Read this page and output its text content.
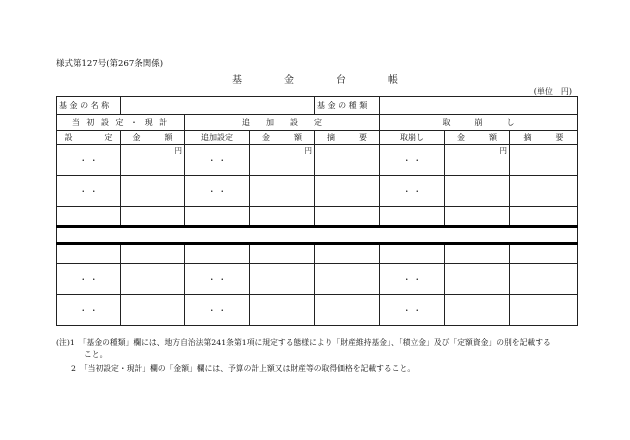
様式第127号(第267条関係)
基	金	台	帳
(単位　円)
基 金 の 名 称				基 金 の 種 類			
当 初 設 定 ・ 現 計		追　　加　　設　　定			取　　　崩　　　し		
設　　　　定	金　　　額	追加設定	金　　　額	摘　　　要	取崩し	金　　　額	摘　　　要
・ ・	円	・ ・	円		・ ・	円	
・ ・		・ ・			・ ・		

・ ・		・ ・			・ ・		
・ ・		・ ・			・ ・		
(注)1　「基金の種類」欄には、地方自治法第241条第1項に規定する態様により「財産維持基金」、「積立金」及び「定額資金」の別を記載する
こと。
2　「当初設定・現計」欄の「金額」欄には、予算の計上額又は財産等の取得価格を記載すること。
